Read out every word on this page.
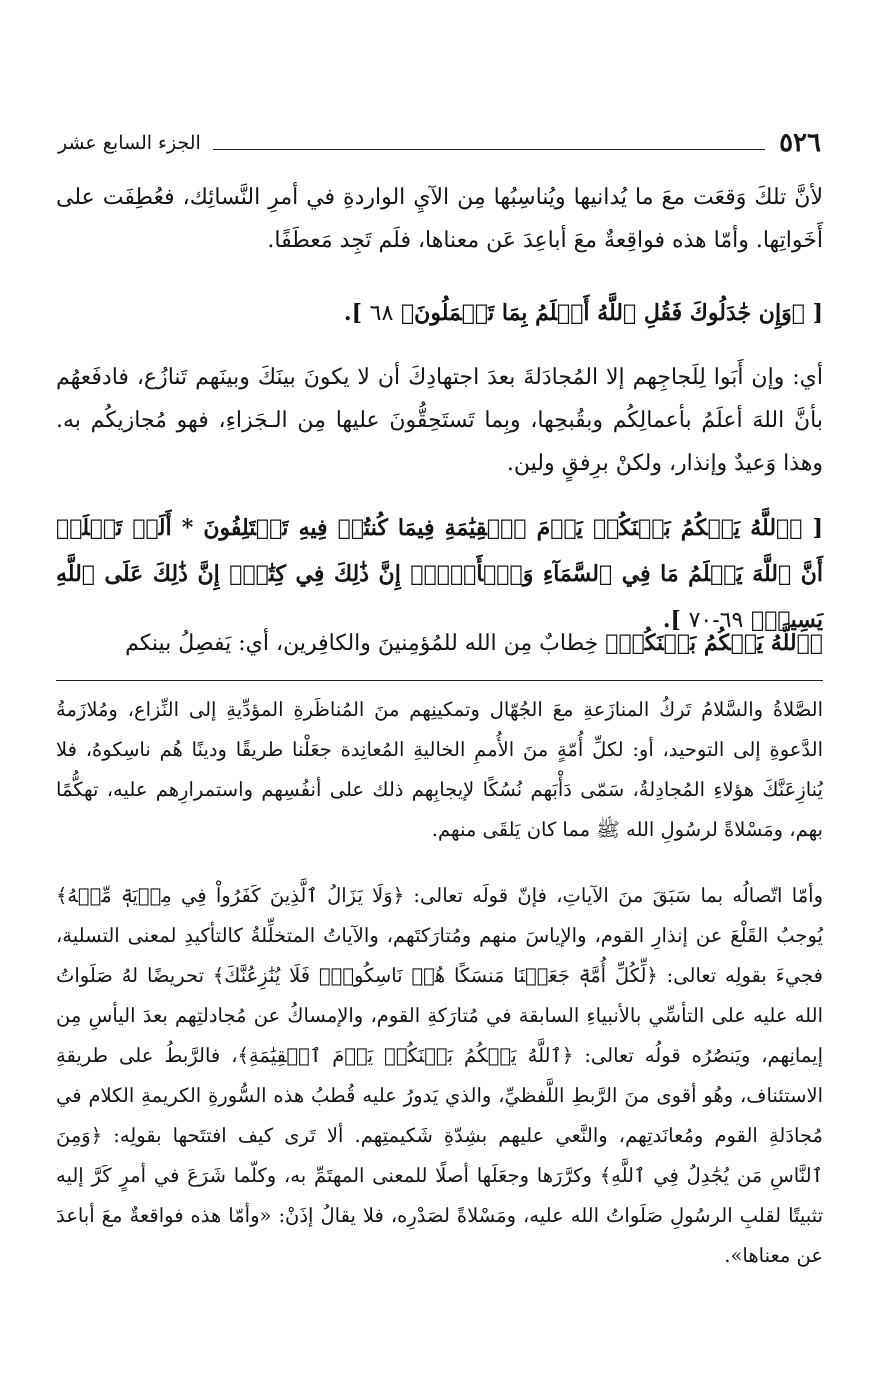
٥٢٦
الجزء السابع عشر
لأنَّ تلكَ وَقعَت معَ ما يُدانيها ويُناسِبُها مِن الآيِ الواردةِ في أمرِ النَّسائِك، فعُطِفَت على أَخَواتِها. وأمّا هذه فواقِعةٌ معَ أباعِدَ عَن معناها، فلَم تَجِد مَعطَفًا.
[ ﴿وَإِن جَٰدَلُوكَ فَقُلِ ٱللَّهُ أَعۡلَمُ بِمَا تَعۡمَلُونَ﴾ ٦٨ ].
أي: وإن أَبَوا لِلَجاجِهم إلا المُجادَلةَ بعدَ اجتهادِكَ أن لا يكونَ بينَكَ وبينَهم تَنازُع، فادفَعهُم بأنَّ اللهَ أعلَمُ بأعمالِكُم وبقُبحِها، وبِما تَستَحِقُّونَ عليها مِن الـجَزاءِ، فهو مُجازيكُم به. وهذا وَعيدٌ وإنذار، ولكنْ برِفقٍ ولين.
[ ﴿ٱللَّهُ يَحۡكُمُ بَيۡنَكُمۡ يَوۡمَ ٱلۡقِيَٰمَةِ فِيمَا كُنتُمۡ فِيهِ تَخۡتَلِفُونَ * أَلَمۡ تَعۡلَمۡ أَنَّ ٱللَّهَ يَعۡلَمُ مَا فِي ٱلسَّمَآءِ وَٱلۡأَرۡضِۚ إِنَّ ذَٰلِكَ فِي كِتَٰبٍۚ إِنَّ ذَٰلِكَ عَلَى ٱللَّهِ يَسِيرٞ﴾ ٦٩-٧٠ ].
﴿ٱللَّهُ يَحۡكُمُ بَيۡنَكُمۡ﴾ خِطابٌ مِن الله للمُؤمِنينَ والكافِرين، أي: يَفصِلُ بينكم
الصَّلاةُ والسَّلامُ تَركُ المنازَعةِ معَ الجُهّال وتمكينِهم منَ المُناظَرةِ المؤدِّيةِ إلى النِّزاع، ومُلازَمةُ الدَّعوةِ إلى التوحيد، أو: لكلِّ أُمّةٍ منَ الأُممِ الخاليةِ المُعانِدة جعَلْنا طريقًا ودينًا هُم ناسِكوهُ، فلا يُنازِعَنَّكَ هؤلاءِ المُجادِلةُ، سَمّى دَأْبَهم نُسُكًا لإيجابِهم ذلك على أنفُسِهم واستمرارِهم عليه، تهكُّمًا بهم، ومَسْلاةً لرسُولِ الله ﷺ مما كان يَلقَى منهم.
وأمّا اتّصالُه بما سَبَقَ منَ الآياتِ، فإنّ قولَه تعالى: ﴿وَلَا يَزَالُ ٱلَّذِينَ كَفَرُواْ فِي مِرۡيَةٖ مِّنۡهُ﴾ يُوجبُ القَلْعَ عن إنذارِ القوم، والإياسَ منهم ومُتارَكتَهم، والآياتُ المتخلِّلةُ كالتأكيدِ لمعنى التسلية، فجيءَ بقولِه تعالى: ﴿لِّكُلِّ أُمَّةٖ جَعَلۡنَا مَنسَكًا هُمۡ نَاسِكُوهُۖ فَلَا يُنَٰزِعُنَّكَ﴾ تحريضًا لهُ صَلَواتُ الله عليه على التأسِّي بالأنبياءِ السابقة في مُتارَكةِ القوم، والإمساكُ عن مُجادلتِهم بعدَ اليأسِ مِن إيمانِهم، ويَنصُرُه قولُه تعالى: ﴿ٱللَّهُ يَحۡكُمُ بَيۡنَكُمۡ يَوۡمَ ٱلۡقِيَٰمَةِ﴾، فالرَّبطُ على طريقةِ الاستئناف، وهُو أقوى منَ الرَّبطِ اللَّفظيِّ، والذي يَدورُ عليه قُطبُ هذه السُّورةِ الكريمةِ الكلام في مُجادَلةِ القوم ومُعانَدتِهم، والنَّعي عليهم بشِدّةِ شَكيمتِهم. ألا تَرى كيف افتتَحها بقولِه: ﴿وَمِنَ ٱلنَّاسِ مَن يُجَٰدِلُ فِي ٱللَّهِ﴾ وكرَّرَها وجعَلَها أصلًا للمعنى المهتَمِّ به، وكلّما شَرَعَ في أمرٍ كَرَّ إليه تثبيتًا لقلبِ الرسُولِ صَلَواتُ الله عليه، ومَسْلاةً لصَدْرِه، فلا يقالُ إذَنْ: «وأمّا هذه فواقعةٌ معَ أباعدَ عن معناها».
